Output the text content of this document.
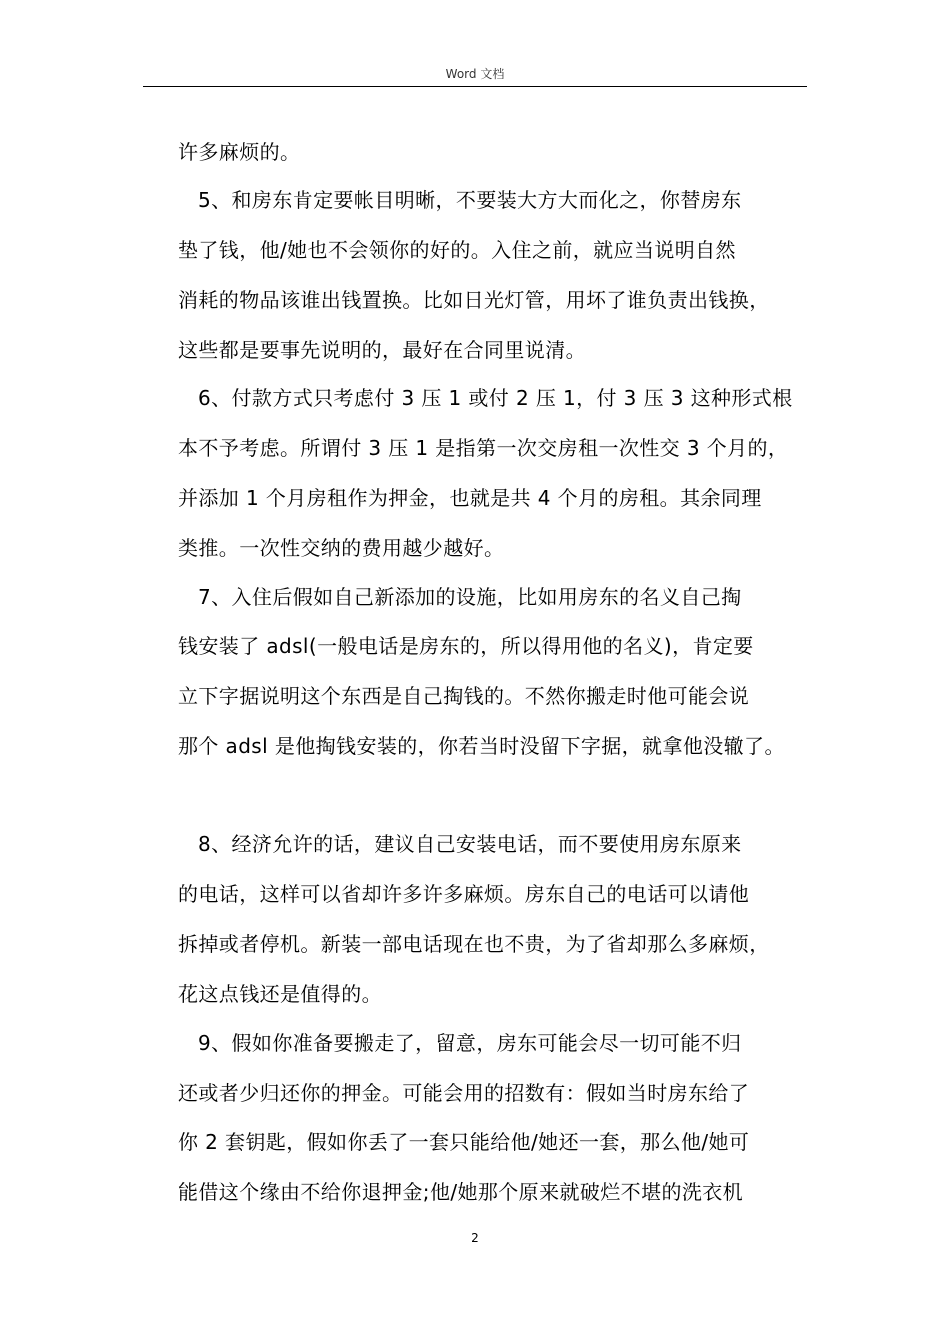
Word 文档
许多麻烦的。
5、和房东肯定要帐目明晰，不要装大方大而化之，你替房东
垫了钱，他/她也不会领你的好的。入住之前，就应当说明自然
消耗的物品该谁出钱置换。比如日光灯管，用坏了谁负责出钱换，
这些都是要事先说明的，最好在合同里说清。
6、付款方式只考虑付 3 压 1 或付 2 压 1，付 3 压 3 这种形式根
本不予考虑。所谓付 3 压 1 是指第一次交房租一次性交 3 个月的，
并添加 1 个月房租作为押金，也就是共 4 个月的房租。其余同理
类推。一次性交纳的费用越少越好。
7、入住后假如自己新添加的设施，比如用房东的名义自己掏
钱安装了 adsl(一般电话是房东的，所以得用他的名义)，肯定要
立下字据说明这个东西是自己掏钱的。不然你搬走时他可能会说
那个 adsl 是他掏钱安装的，你若当时没留下字据，就拿他没辙了。
8、经济允许的话，建议自己安装电话，而不要使用房东原来
的电话，这样可以省却许多许多麻烦。房东自己的电话可以请他
拆掉或者停机。新装一部电话现在也不贵，为了省却那么多麻烦，
花这点钱还是值得的。
9、假如你准备要搬走了，留意，房东可能会尽一切可能不归
还或者少归还你的押金。可能会用的招数有：假如当时房东给了
你 2 套钥匙，假如你丢了一套只能给他/她还一套，那么他/她可
能借这个缘由不给你退押金;他/她那个原来就破烂不堪的洗衣机
2
